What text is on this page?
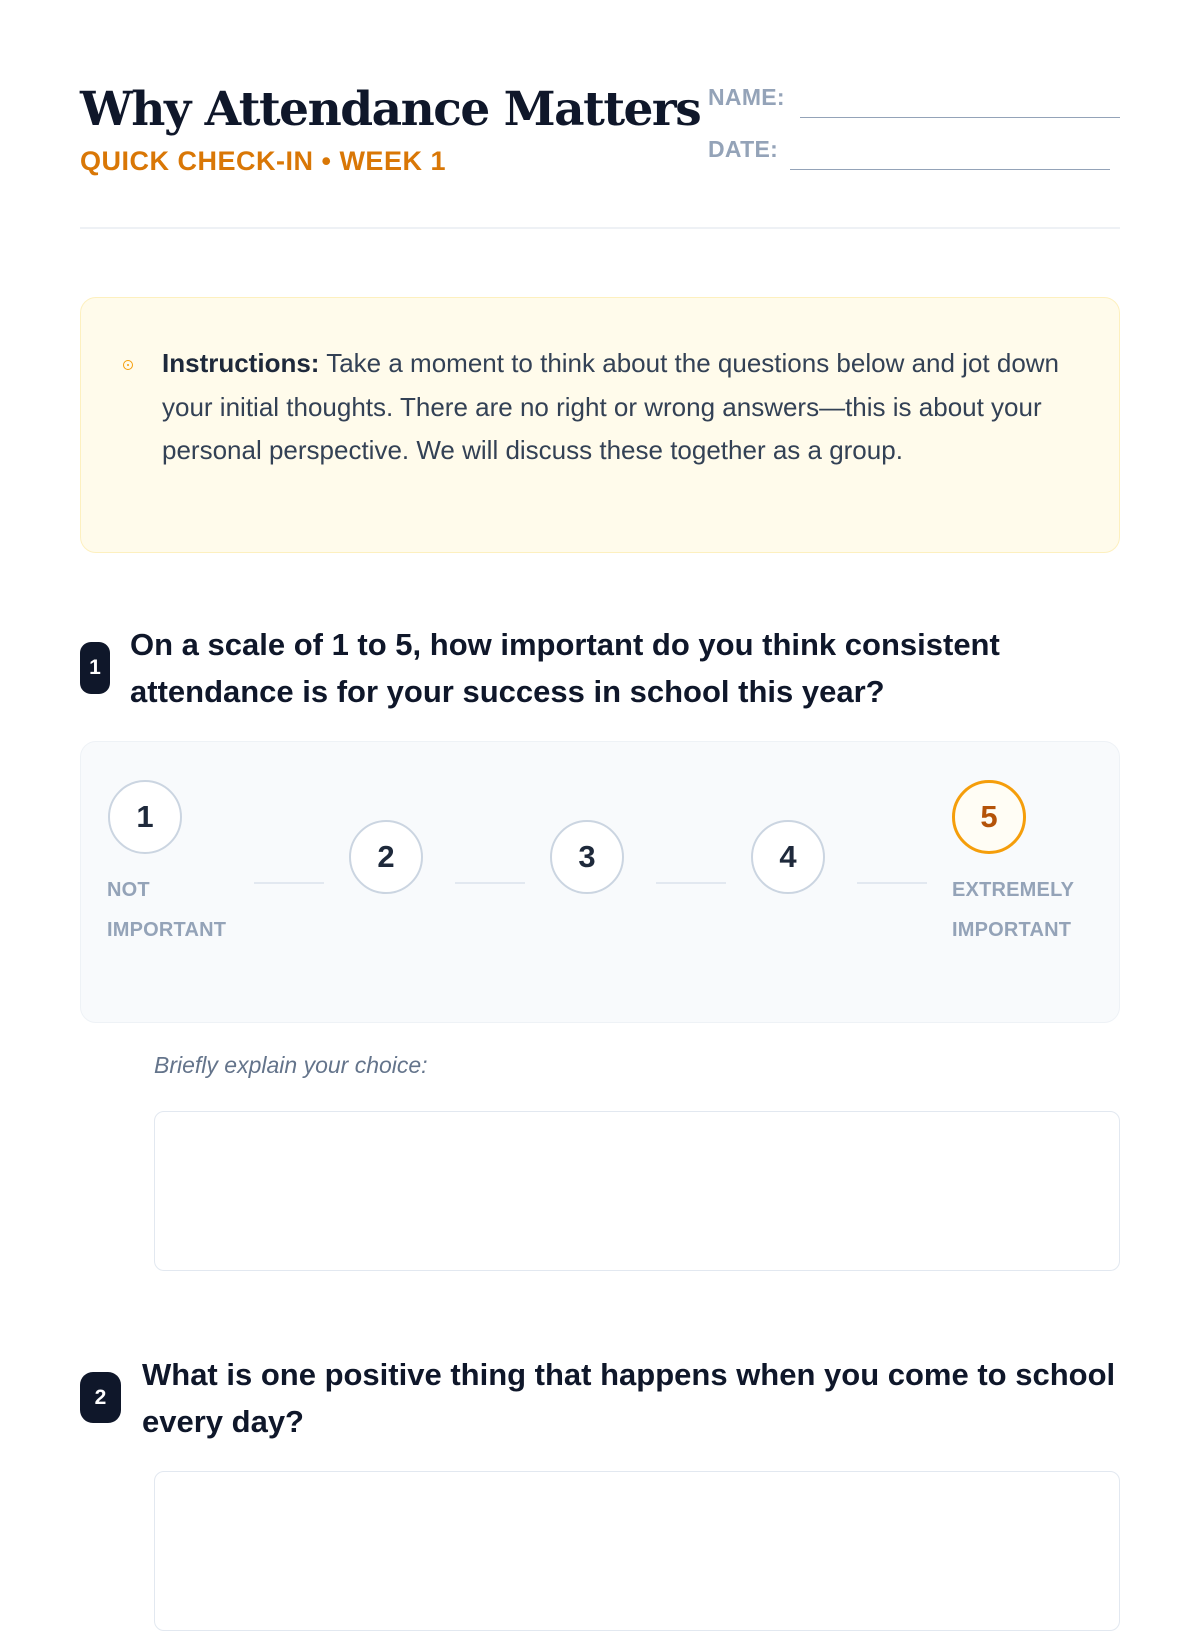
Why Attendance Matters
QUICK CHECK-IN • WEEK 1
NAME:
DATE:
Instructions: Take a moment to think about the questions below and jot down your initial thoughts. There are no right or wrong answers—this is about your personal perspective. We will discuss these together as a group.
1
On a scale of 1 to 5, how important do you think consistent attendance is for your success in school this year?
1
2	3	4
5
NOT IMPORTANT
EXTREMELY IMPORTANT
Briefly explain your choice:
2
What is one positive thing that happens when you come to school every day?
